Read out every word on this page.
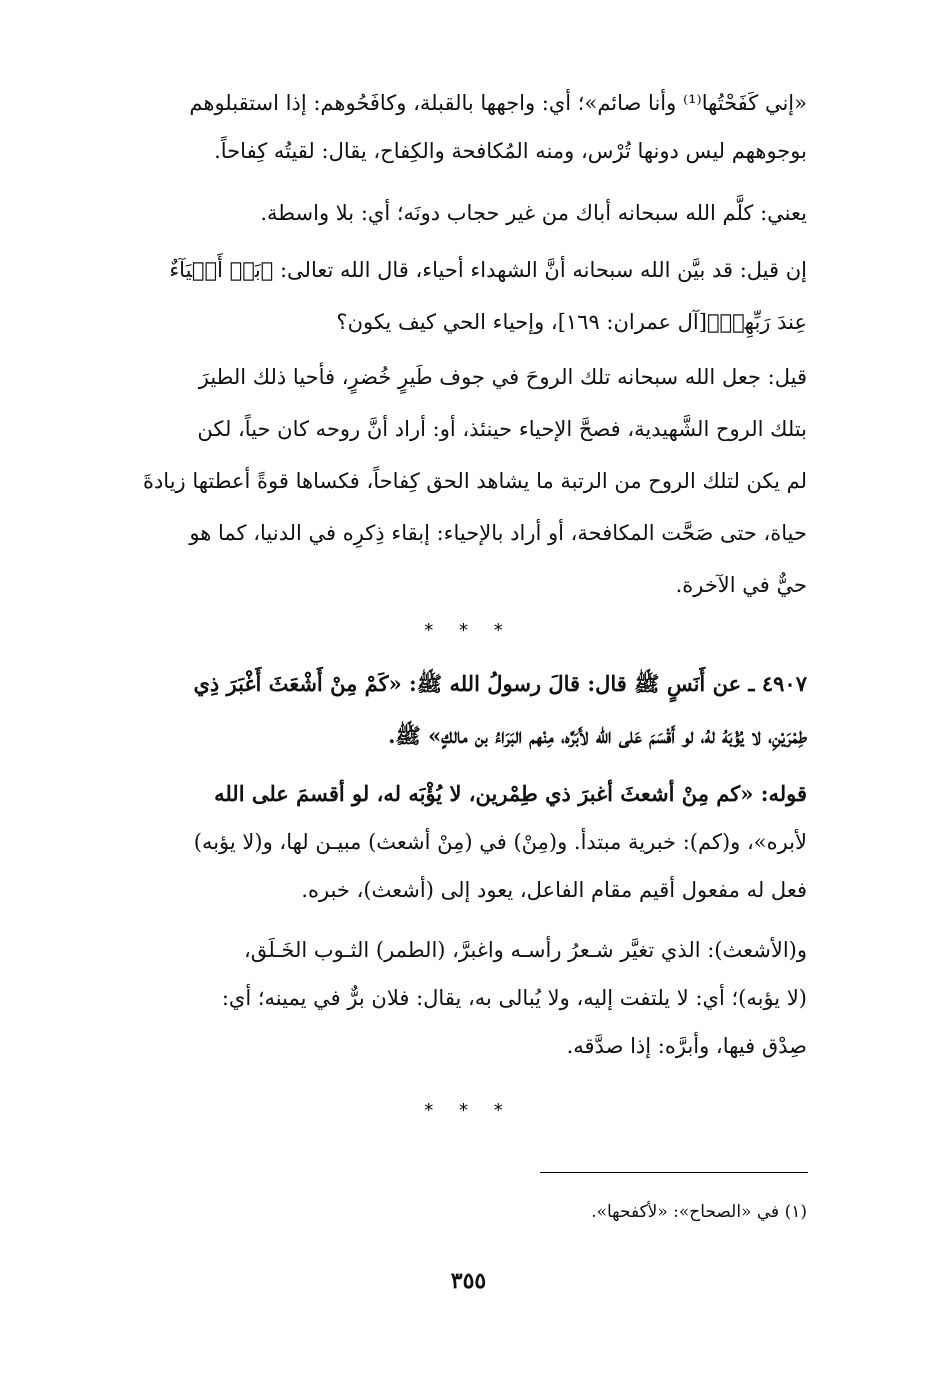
«إني كَفَحْتُها⁽¹⁾ وأنا صائم»؛ أي: واجهها بالقبلة، وكافَحُوهم: إذا استقبلوهم
بوجوههم ليس دونها تُرْس، ومنه المُكافحة والكِفاح، يقال: لقيتُه كِفاحاً.
يعني: كلَّم الله سبحانه أباك من غير حجاب دونَه؛ أي: بلا واسطة.
إن قيل: قد بيَّن الله سبحانه أنَّ الشهداء أحياء، قال الله تعالى: ﴿بَلۡ أَحۡيَآءٌ
عِندَ رَبِّهِمۡ﴾[آل عمران: ١٦٩]، وإحياء الحي كيف يكون؟
قيل: جعل الله سبحانه تلك الروحَ في جوف طَيرٍ خُضرٍ، فأحيا ذلك الطيرَ
بتلك الروح الشَّهيدية، فصحَّ الإحياء حينئذ، أو: أراد أنَّ روحه كان حياً، لكن
لم يكن لتلك الروح من الرتبة ما يشاهد الحق كِفاحاً، فكساها قوةً أعطتها زيادةَ
حياة، حتى صَحَّت المكافحة، أو أراد بالإحياء: إبقاء ذِكرِه في الدنيا، كما هو
حيٌّ في الآخرة.
* * *
٤٩٠٧ ـ عن أَنَسٍ ﷺ قال: قالَ رسولُ الله ﷺ: «كَمْ مِنْ أَشْعَثَ أَغْبَرَ ذِي
طِمْرَيْنِ، لا يُؤْبَهُ لهُ، لو أَقْسَمَ عَلى الله لأَبَرَّه، مِنْهم البَرَاءُ بن مالكٍ» ﷺ.
قوله: «كم مِنْ أشعثَ أغبرَ ذي طِمْرين، لا يُؤْبَه له، لو أقسمَ على الله
لأبره»، و(كم): خبرية مبتدأ. و(مِنْ) في (مِنْ أشعث) مبيـن لها، و(لا يؤبه)
فعل له مفعول أقيم مقام الفاعل، يعود إلى (أشعث)، خبره.
و(الأشعث): الذي تغيَّر شـعرُ رأسـه واغبرَّ، (الطمر) الثـوب الخَـلَق،
(لا يؤبه)؛ أي: لا يلتفت إليه، ولا يُبالى به، يقال: فلان برٌّ في يمينه؛ أي:
صِدْق فيها، وأبرَّه: إذا صدَّقه.
* * *
(١) في «الصحاح»: «لأكفحها».
٣٥٥
